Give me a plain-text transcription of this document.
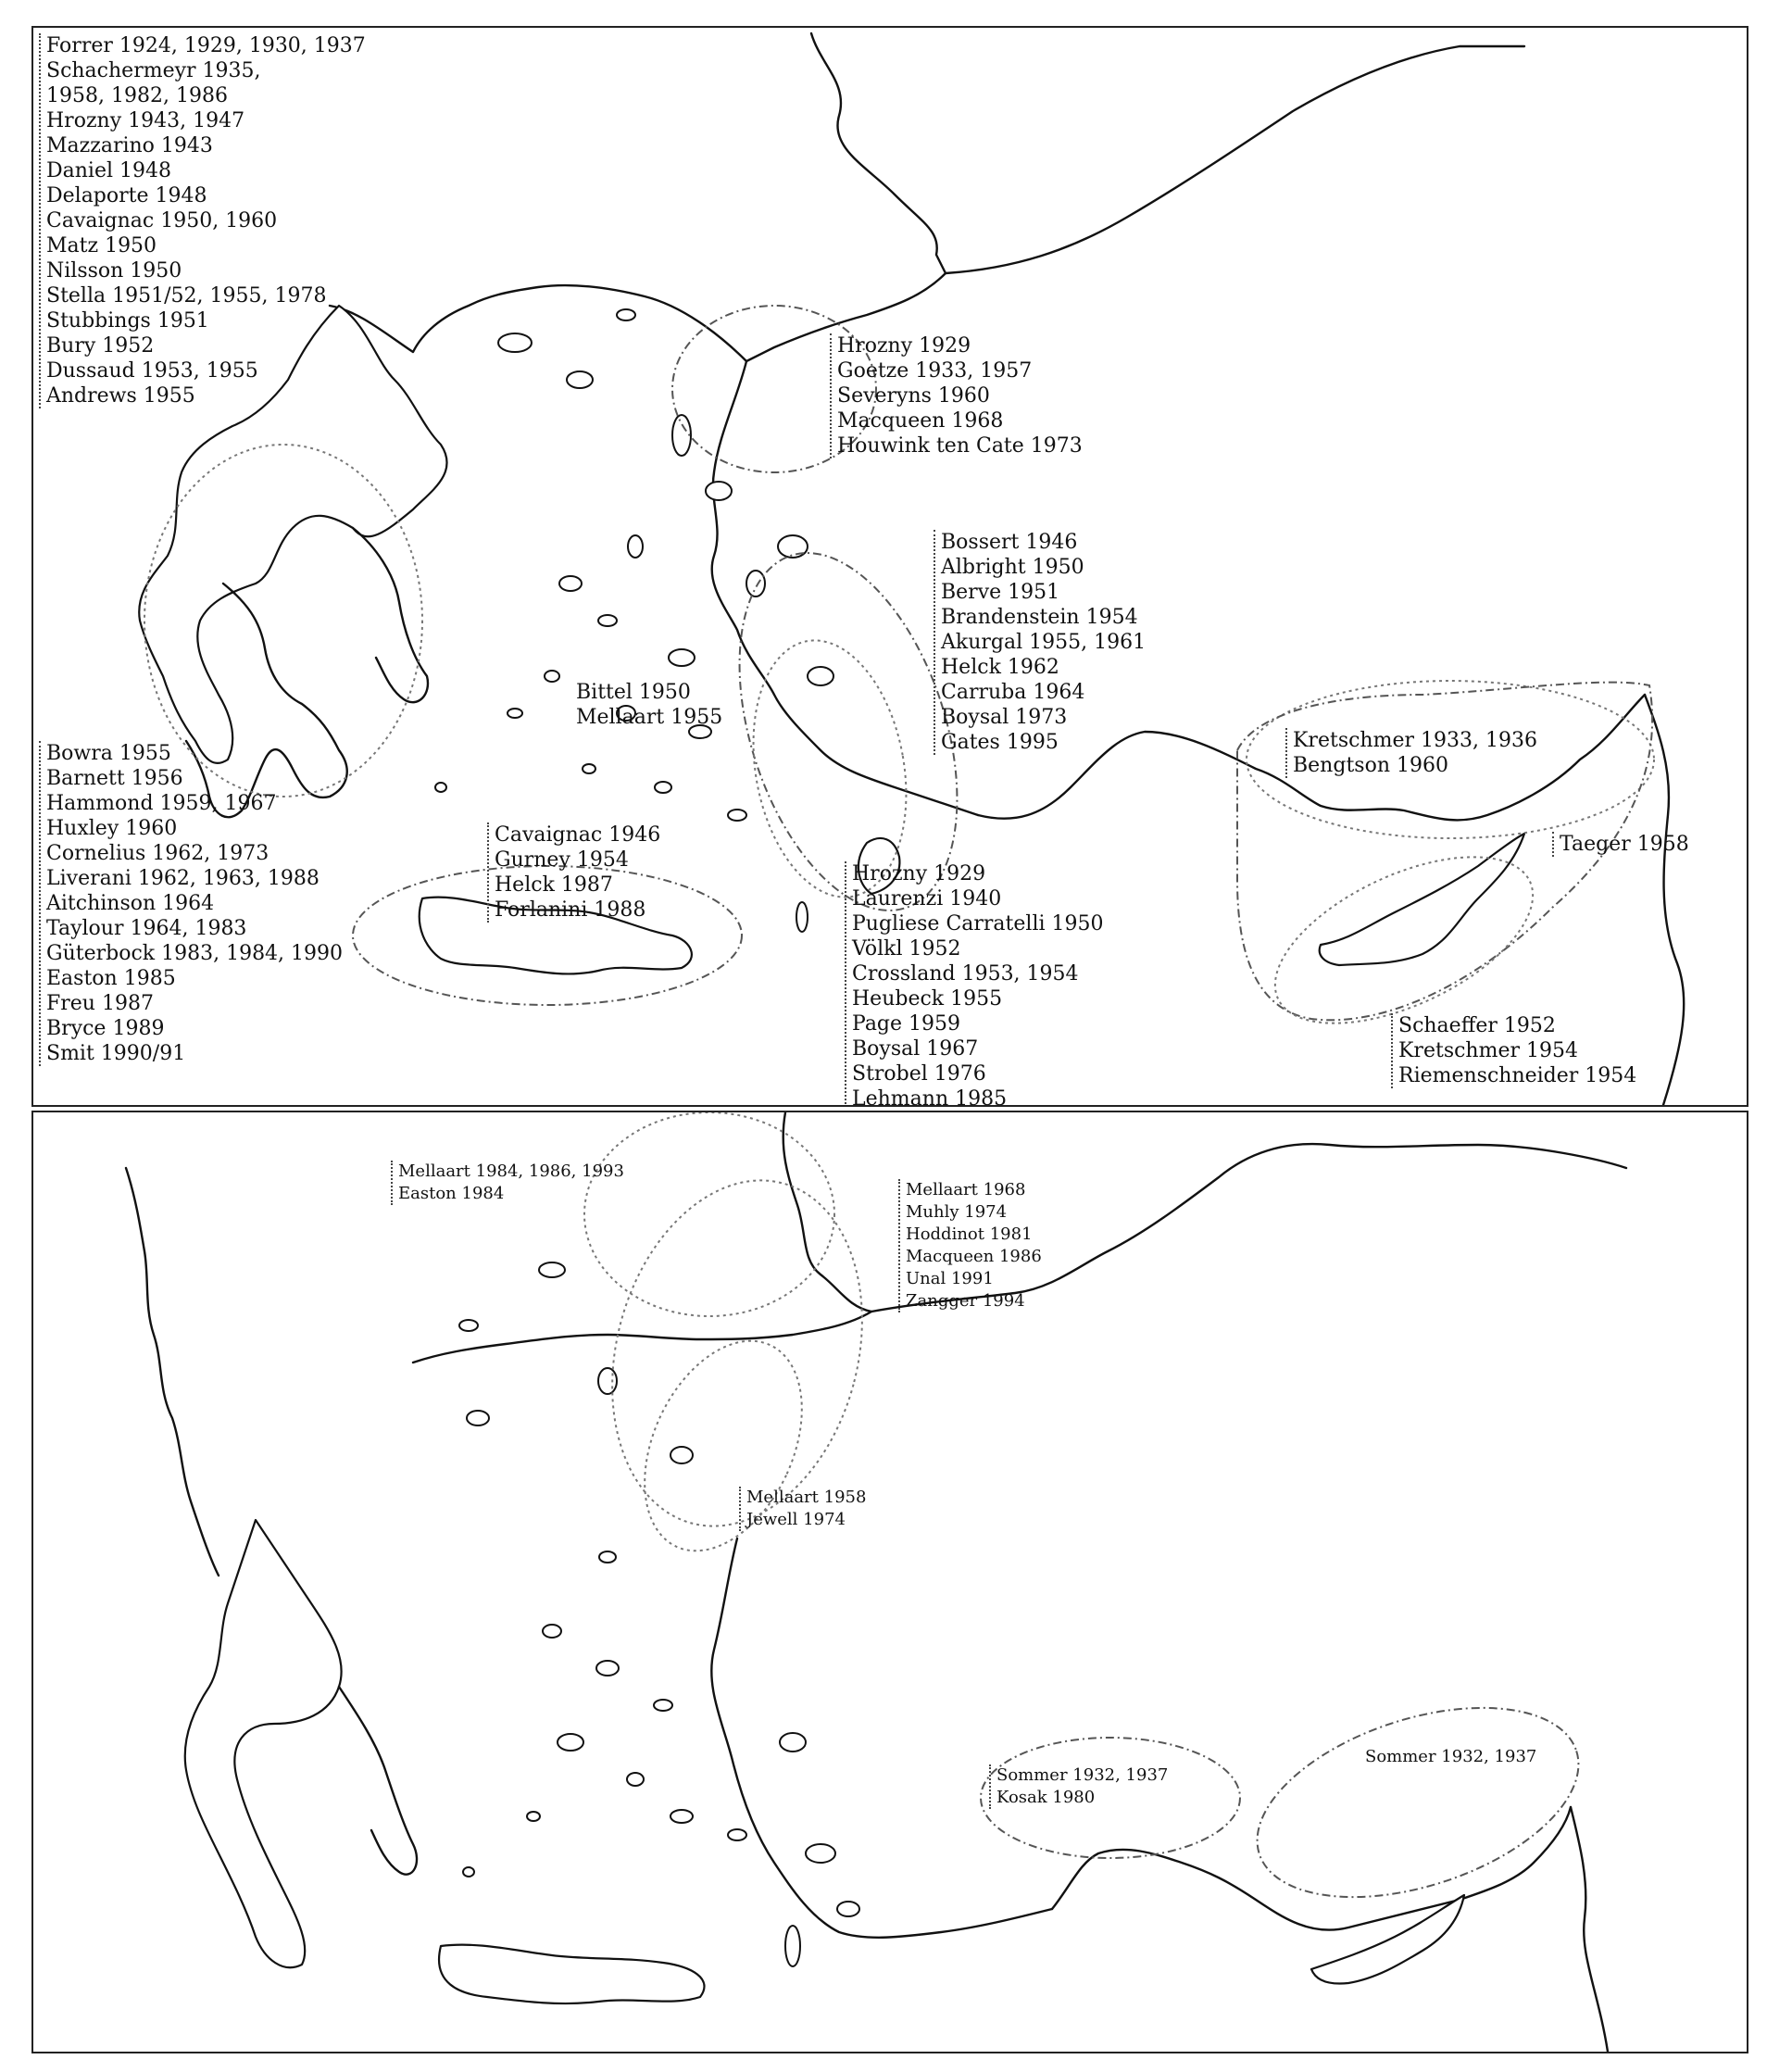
Forrer 1924, 1929, 1930, 1937
Schachermeyr 1935,
1958, 1982, 1986
Hrozny 1943, 1947
Mazzarino 1943
Daniel 1948
Delaporte 1948
Cavaignac 1950, 1960
Matz 1950
Nilsson 1950
Stella 1951/52, 1955, 1978
Stubbings 1951
Bury 1952
Dussaud 1953, 1955
Andrews 1955
Hrozny 1929
Goetze 1933, 1957
Severyns 1960
Macqueen 1968
Houwink ten Cate 1973
Bossert 1946
Albright 1950
Berve 1951
Brandenstein 1954
Akurgal 1955, 1961
Helck 1962
Carruba 1964
Boysal 1973
Gates 1995
Bittel 1950
Mellaart 1955
Bowra 1955
Barnett 1956
Hammond 1959, 1967
Huxley 1960
Cornelius 1962, 1973
Liverani 1962, 1963, 1988
Aitchinson 1964
Taylour 1964, 1983
Güterbock 1983, 1984, 1990
Easton 1985
Freu 1987
Bryce 1989
Smit 1990/91
Cavaignac 1946
Gurney 1954
Helck 1987
Forlanini 1988
Hrozny 1929
Laurenzi 1940
Pugliese Carratelli 1950
Völkl 1952
Crossland 1953, 1954
Heubeck 1955
Page 1959
Boysal 1967
Strobel 1976
Lehmann 1985
Kretschmer 1933, 1936
Bengtson 1960
Taeger 1958
Schaeffer 1952
Kretschmer 1954
Riemenschneider 1954
Mellaart 1984, 1986, 1993
Easton 1984	Mellaart 1968
Muhly 1974
Hoddinot 1981
Macqueen 1986
Unal 1991
Zangger 1994
Mellaart 1958
Jewell 1974
Sommer 1932, 1937
Kosak 1980
Sommer 1932, 1937
